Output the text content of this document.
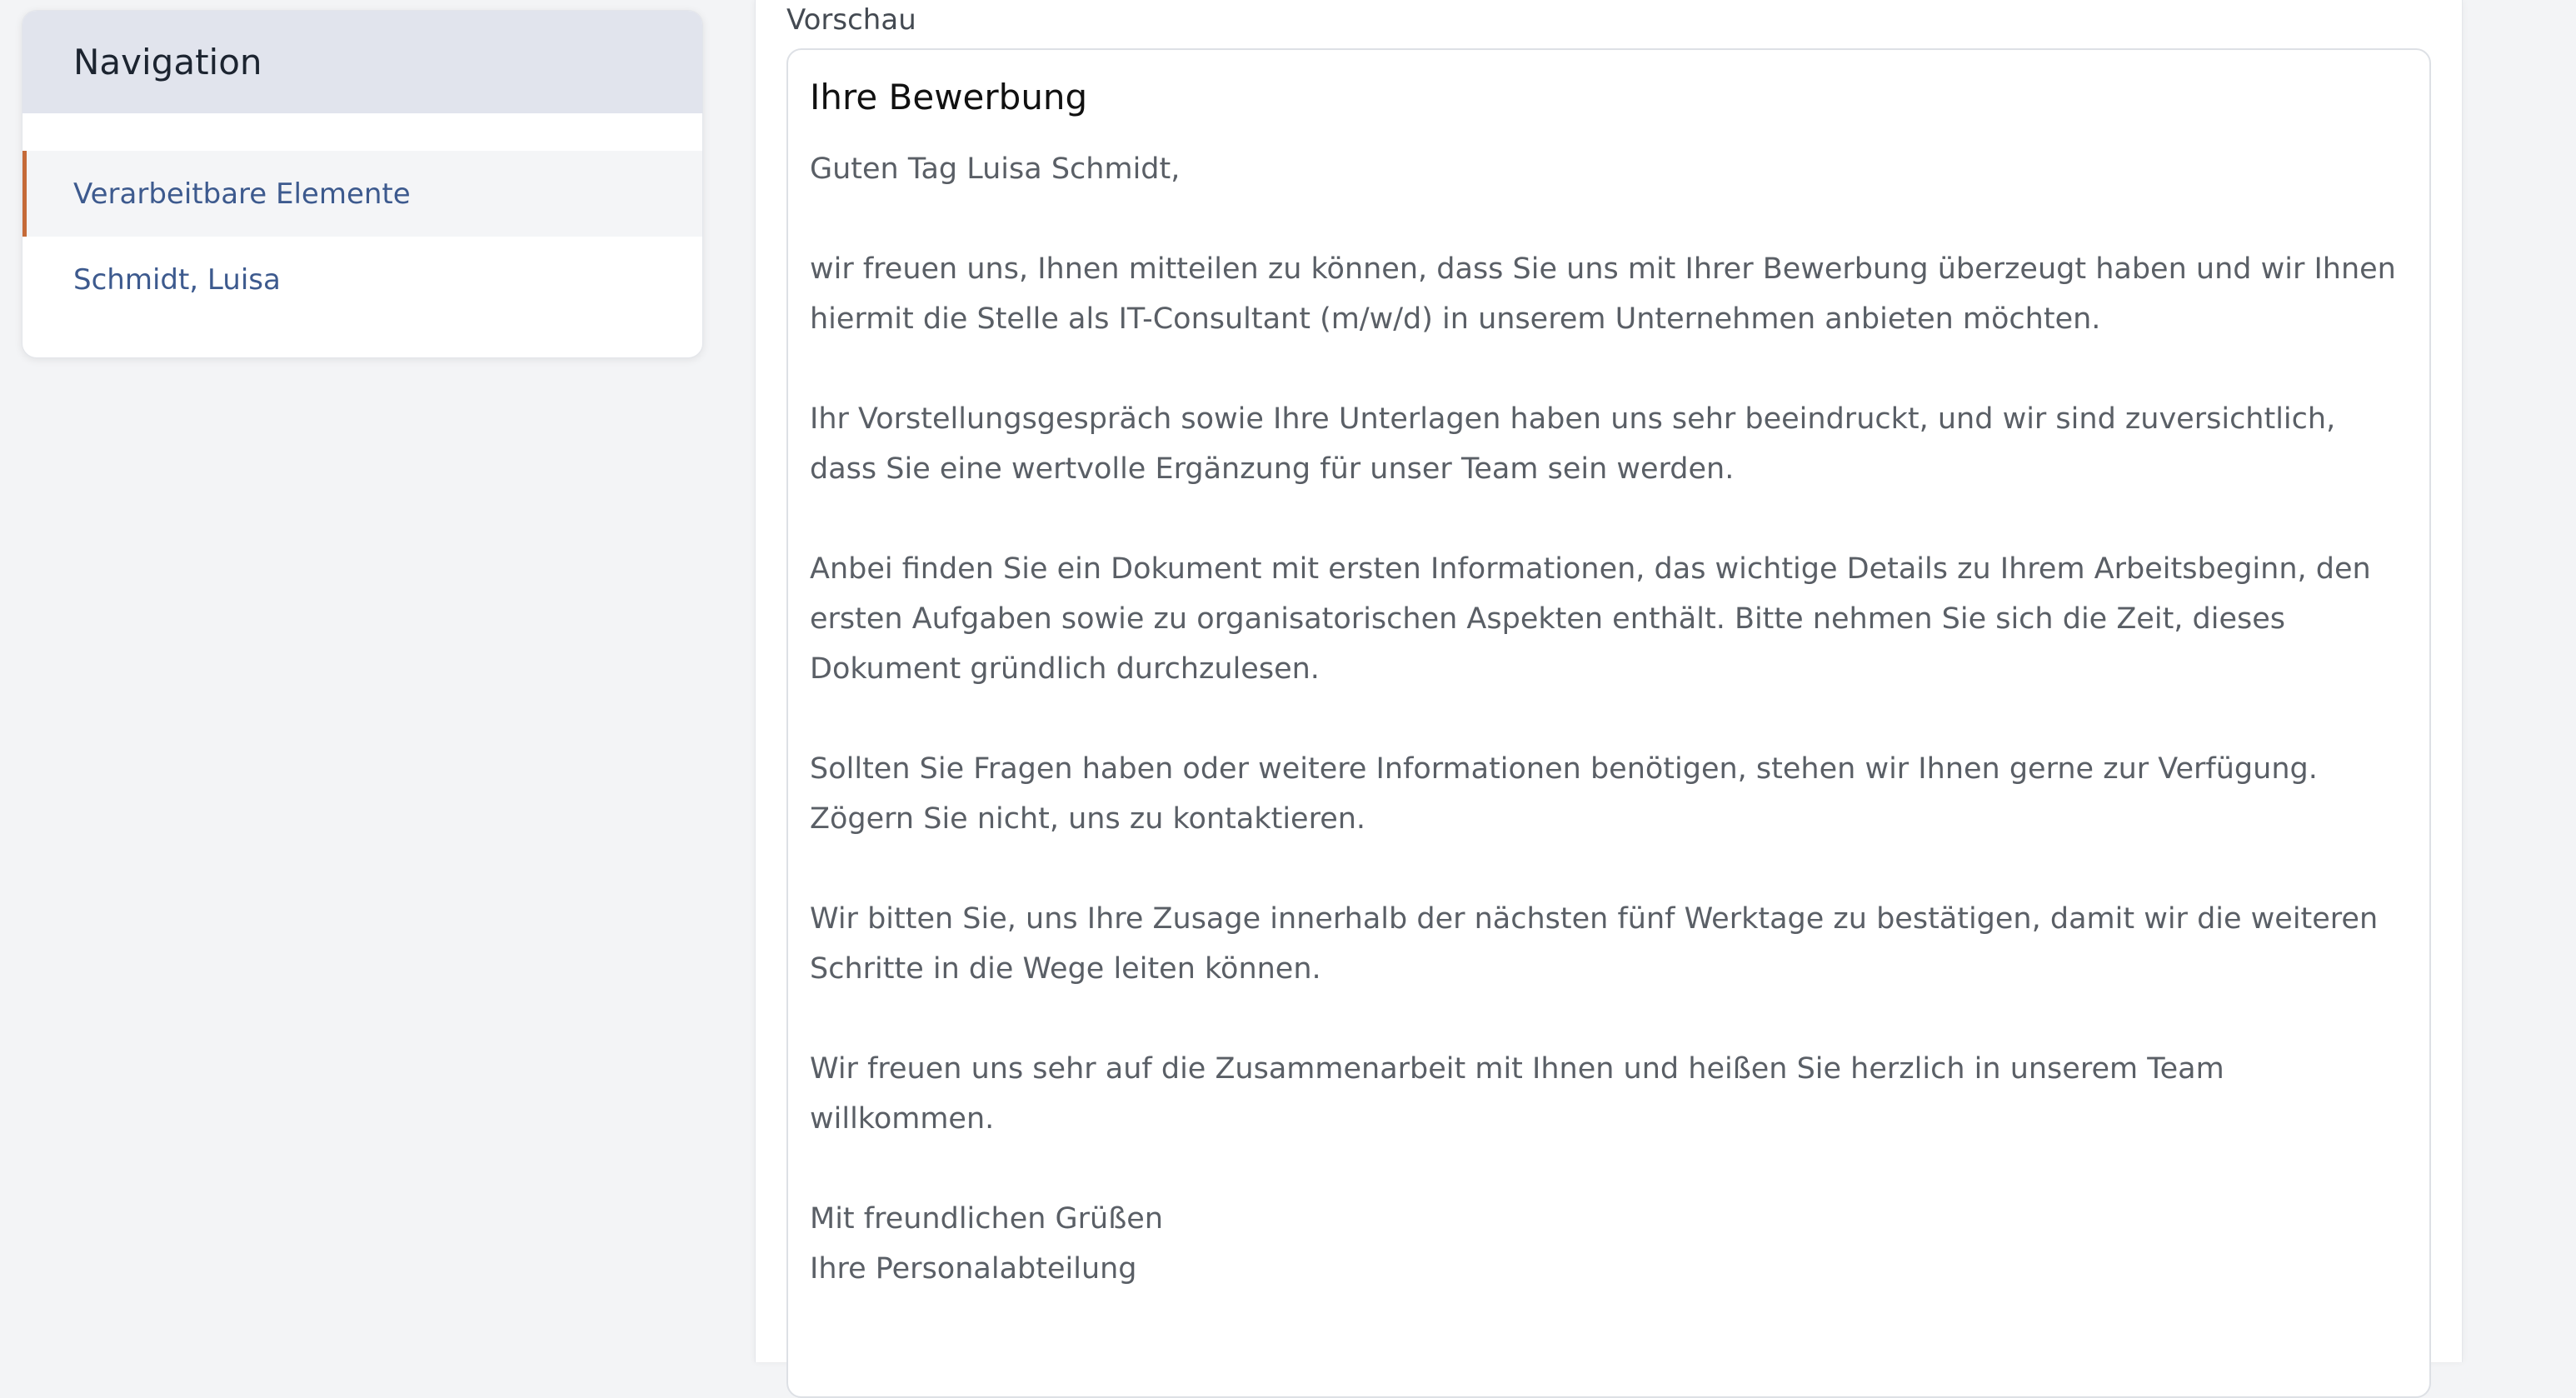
Navigation
Verarbeitbare Elemente
Schmidt, Luisa
Vorschau
Ihre Bewerbung

Guten Tag Luisa Schmidt,

wir freuen uns, Ihnen mitteilen zu können, dass Sie uns mit Ihrer Bewerbung überzeugt haben und wir Ihnen hiermit die Stelle als IT-Consultant (m/w/d) in unserem Unternehmen anbieten möchten.

Ihr Vorstellungsgespräch sowie Ihre Unterlagen haben uns sehr beeindruckt, und wir sind zuversichtlich, dass Sie eine wertvolle Ergänzung für unser Team sein werden.

Anbei finden Sie ein Dokument mit ersten Informationen, das wichtige Details zu Ihrem Arbeitsbeginn, den ersten Aufgaben sowie zu organisatorischen Aspekten enthält. Bitte nehmen Sie sich die Zeit, dieses Dokument gründlich durchzulesen.

Sollten Sie Fragen haben oder weitere Informationen benötigen, stehen wir Ihnen gerne zur Verfügung. Zögern Sie nicht, uns zu kontaktieren.

Wir bitten Sie, uns Ihre Zusage innerhalb der nächsten fünf Werktage zu bestätigen, damit wir die weiteren Schritte in die Wege leiten können.

Wir freuen uns sehr auf die Zusammenarbeit mit Ihnen und heißen Sie herzlich in unserem Team willkommen.

Mit freundlichen Grüßen
Ihre Personalabteilung
